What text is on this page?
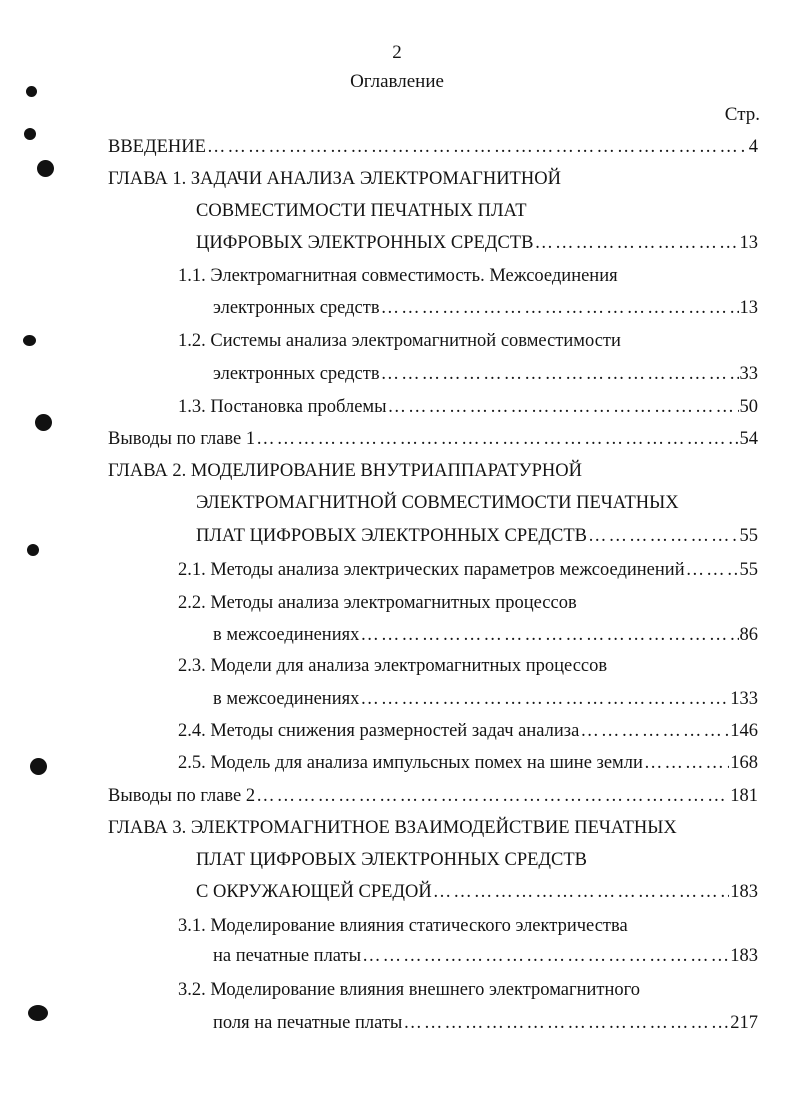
2
Оглавление
Стр.
ВВЕДЕНИЕ ………………………………………………………………………………………………………………………………………………………………………………………………	4
ГЛАВА 1. ЗАДАЧИ АНАЛИЗА ЭЛЕКТРОМАГНИТНОЙ
СОВМЕСТИМОСТИ ПЕЧАТНЫХ ПЛАТ
ЦИФРОВЫХ ЭЛЕКТРОННЫХ СРЕДСТВ ………………………………………………………………………………………………………………………………………………………………………………………………	13
1.1. Электромагнитная совместимость. Межсоединения
электронных средств ………………………………………………………………………………………………………………………………………………………………………………………………	13
1.2. Системы анализа электромагнитной совместимости
электронных средств ………………………………………………………………………………………………………………………………………………………………………………………………	33
1.3. Постановка проблемы ………………………………………………………………………………………………………………………………………………………………………………………………	50
Выводы по главе 1 ………………………………………………………………………………………………………………………………………………………………………………………………	54
ГЛАВА 2. МОДЕЛИРОВАНИЕ ВНУТРИАППАРАТУРНОЙ
ЭЛЕКТРОМАГНИТНОЙ СОВМЕСТИМОСТИ ПЕЧАТНЫХ
ПЛАТ ЦИФРОВЫХ ЭЛЕКТРОННЫХ СРЕДСТВ ………………………………………………………………………………………………………………………………………………………………………………………………	55
2.1. Методы анализа электрических параметров межсоединений ………………………………………………………………………………………………………………………………………………………………………………………………	55
2.2. Методы анализа электромагнитных процессов
в межсоединениях ………………………………………………………………………………………………………………………………………………………………………………………………	86
2.3. Модели для анализа электромагнитных процессов
в межсоединениях ………………………………………………………………………………………………………………………………………………………………………………………………	133
2.4. Методы снижения размерностей задач анализа ………………………………………………………………………………………………………………………………………………………………………………………………	146
2.5. Модель для анализа импульсных помех на шине земли ………………………………………………………………………………………………………………………………………………………………………………………………	168
Выводы по главе 2 ………………………………………………………………………………………………………………………………………………………………………………………………	181
ГЛАВА 3. ЭЛЕКТРОМАГНИТНОЕ ВЗАИМОДЕЙСТВИЕ ПЕЧАТНЫХ
ПЛАТ ЦИФРОВЫХ ЭЛЕКТРОННЫХ СРЕДСТВ
С ОКРУЖАЮЩЕЙ СРЕДОЙ ………………………………………………………………………………………………………………………………………………………………………………………………	183
3.1. Моделирование влияния статического электричества
на печатные платы ………………………………………………………………………………………………………………………………………………………………………………………………	183
3.2. Моделирование влияния внешнего электромагнитного
поля на печатные платы ………………………………………………………………………………………………………………………………………………………………………………………………	217
